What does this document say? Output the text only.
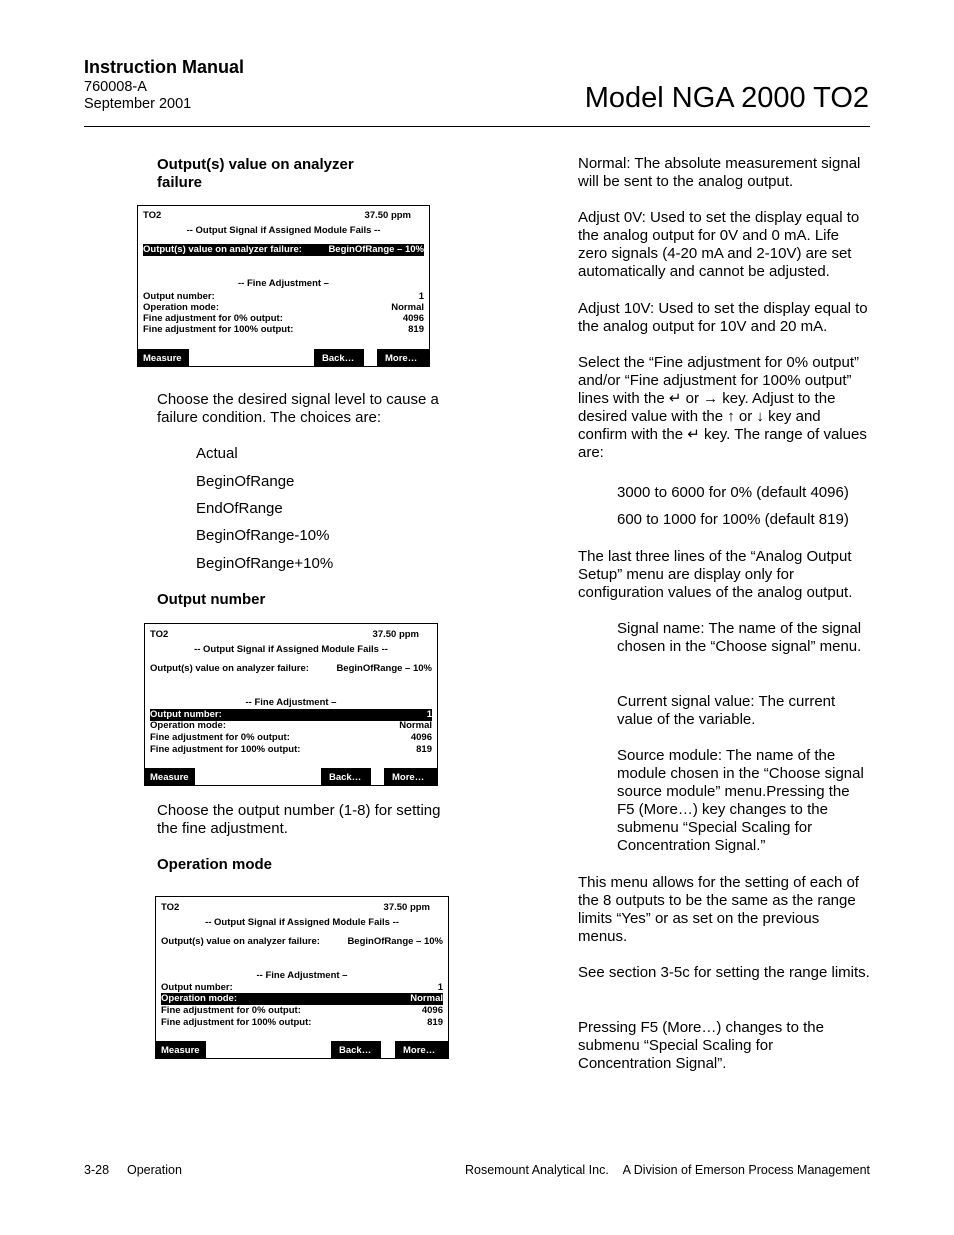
Instruction Manual
760008-A
September 2001	Model NGA 2000 TO2
Output(s) value on analyzer failure
TO2	37.50 ppm
-- Output Signal if Assigned Module Fails --
Output(s) value on analyzer failure:	BeginOfRange – 10%
-- Fine Adjustment –
Output number:	1
Operation mode:	Normal
Fine adjustment for 0% output:	4096
Fine adjustment for 100% output:	819
Measure	Back…	More…
Choose the desired signal level to cause a failure condition. The choices are:
Actual
BeginOfRange
EndOfRange
BeginOfRange-10%
BeginOfRange+10%
Output number
TO2	37.50 ppm
-- Output Signal if Assigned Module Fails --
Output(s) value on analyzer failure:	BeginOfRange – 10%
-- Fine Adjustment –
Output number:	1
Operation mode:	Normal
Fine adjustment for 0% output:	4096
Fine adjustment for 100% output:	819
Measure	Back…	More…
Choose the output number (1-8) for setting the fine adjustment.
Operation mode
TO2	37.50 ppm
-- Output Signal if Assigned Module Fails --
Output(s) value on analyzer failure:	BeginOfRange – 10%
-- Fine Adjustment –
Output number:	1
Operation mode:	Normal
Fine adjustment for 0% output:	4096
Fine adjustment for 100% output:	819
Measure	Back…	More…
Normal: The absolute measurement signal will be sent to the analog output.
Adjust 0V: Used to set the display equal to the analog output for 0V and 0 mA. Life zero signals (4-20 mA and 2-10V) are set automatically and cannot be adjusted.
Adjust 10V: Used to set the display equal to the analog output for 10V and 20 mA.
Select the “Fine adjustment for 0% output” and/or “Fine adjustment for 100% output” lines with the ↵ or → key. Adjust to the desired value with the ↑ or ↓ key and confirm with the ↵ key. The range of values are:
3000 to 6000 for 0% (default 4096)
600 to 1000 for 100% (default 819)
The last three lines of the “Analog Output Setup” menu are display only for configuration values of the analog output.
Signal name: The name of the signal chosen in the “Choose signal” menu.
Current signal value: The current value of the variable.
Source module: The name of the module chosen in the “Choose signal source module” menu.Pressing the F5 (More…) key changes to the submenu “Special Scaling for Concentration Signal.”
This menu allows for the setting of each of the 8 outputs to be the same as the range limits “Yes” or as set on the previous menus.
See section 3-5c for setting the range limits.
Pressing F5 (More…) changes to the submenu “Special Scaling for Concentration Signal”.
3-28 Operation	Rosemount Analytical Inc. A Division of Emerson Process Management
